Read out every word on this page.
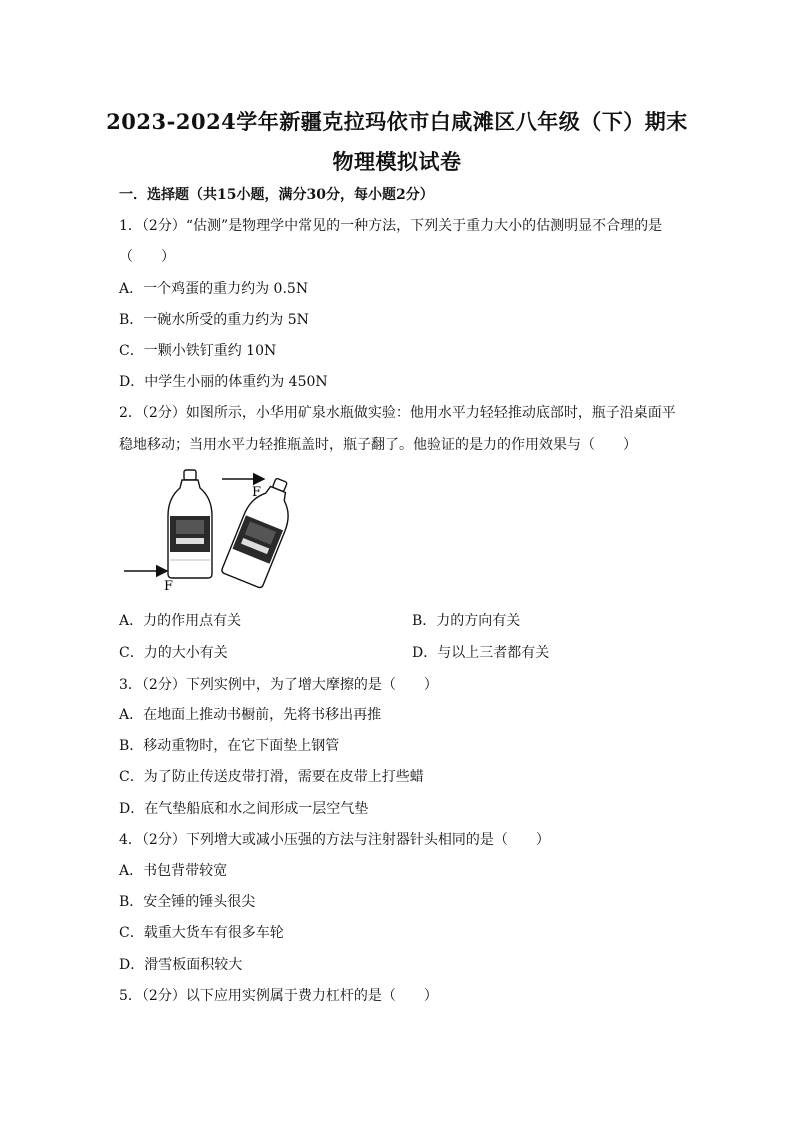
2023-2024学年新疆克拉玛依市白咸滩区八年级（下）期末
物理模拟试卷
一．选择题（共15小题，满分30分，每小题2分）
1．（2分）“估测”是物理学中常见的一种方法，下列关于重力大小的估测明显不合理的是
（　　）
A．一个鸡蛋的重力约为 0.5N
B．一碗水所受的重力约为 5N
C．一颗小铁钉重约 10N
D．中学生小丽的体重约为 450N
2．（2分）如图所示，小华用矿泉水瓶做实验：他用水平力轻轻推动底部时，瓶子沿桌面平
稳地移动；当用水平力轻推瓶盖时，瓶子翻了。他验证的是力的作用效果与（　　）
F
F
A．力的作用点有关	B．力的方向有关
C．力的大小有关	D．与以上三者都有关
3．（2分）下列实例中，为了增大摩擦的是（　　）
A．在地面上推动书橱前，先将书移出再推
B．移动重物时，在它下面垫上钢管
C．为了防止传送皮带打滑，需要在皮带上打些蜡
D．在气垫船底和水之间形成一层空气垫
4．（2分）下列增大或减小压强的方法与注射器针头相同的是（　　）
A．书包背带较宽
B．安全锤的锤头很尖
C．载重大货车有很多车轮
D．滑雪板面积较大
5．（2分）以下应用实例属于费力杠杆的是（　　）
